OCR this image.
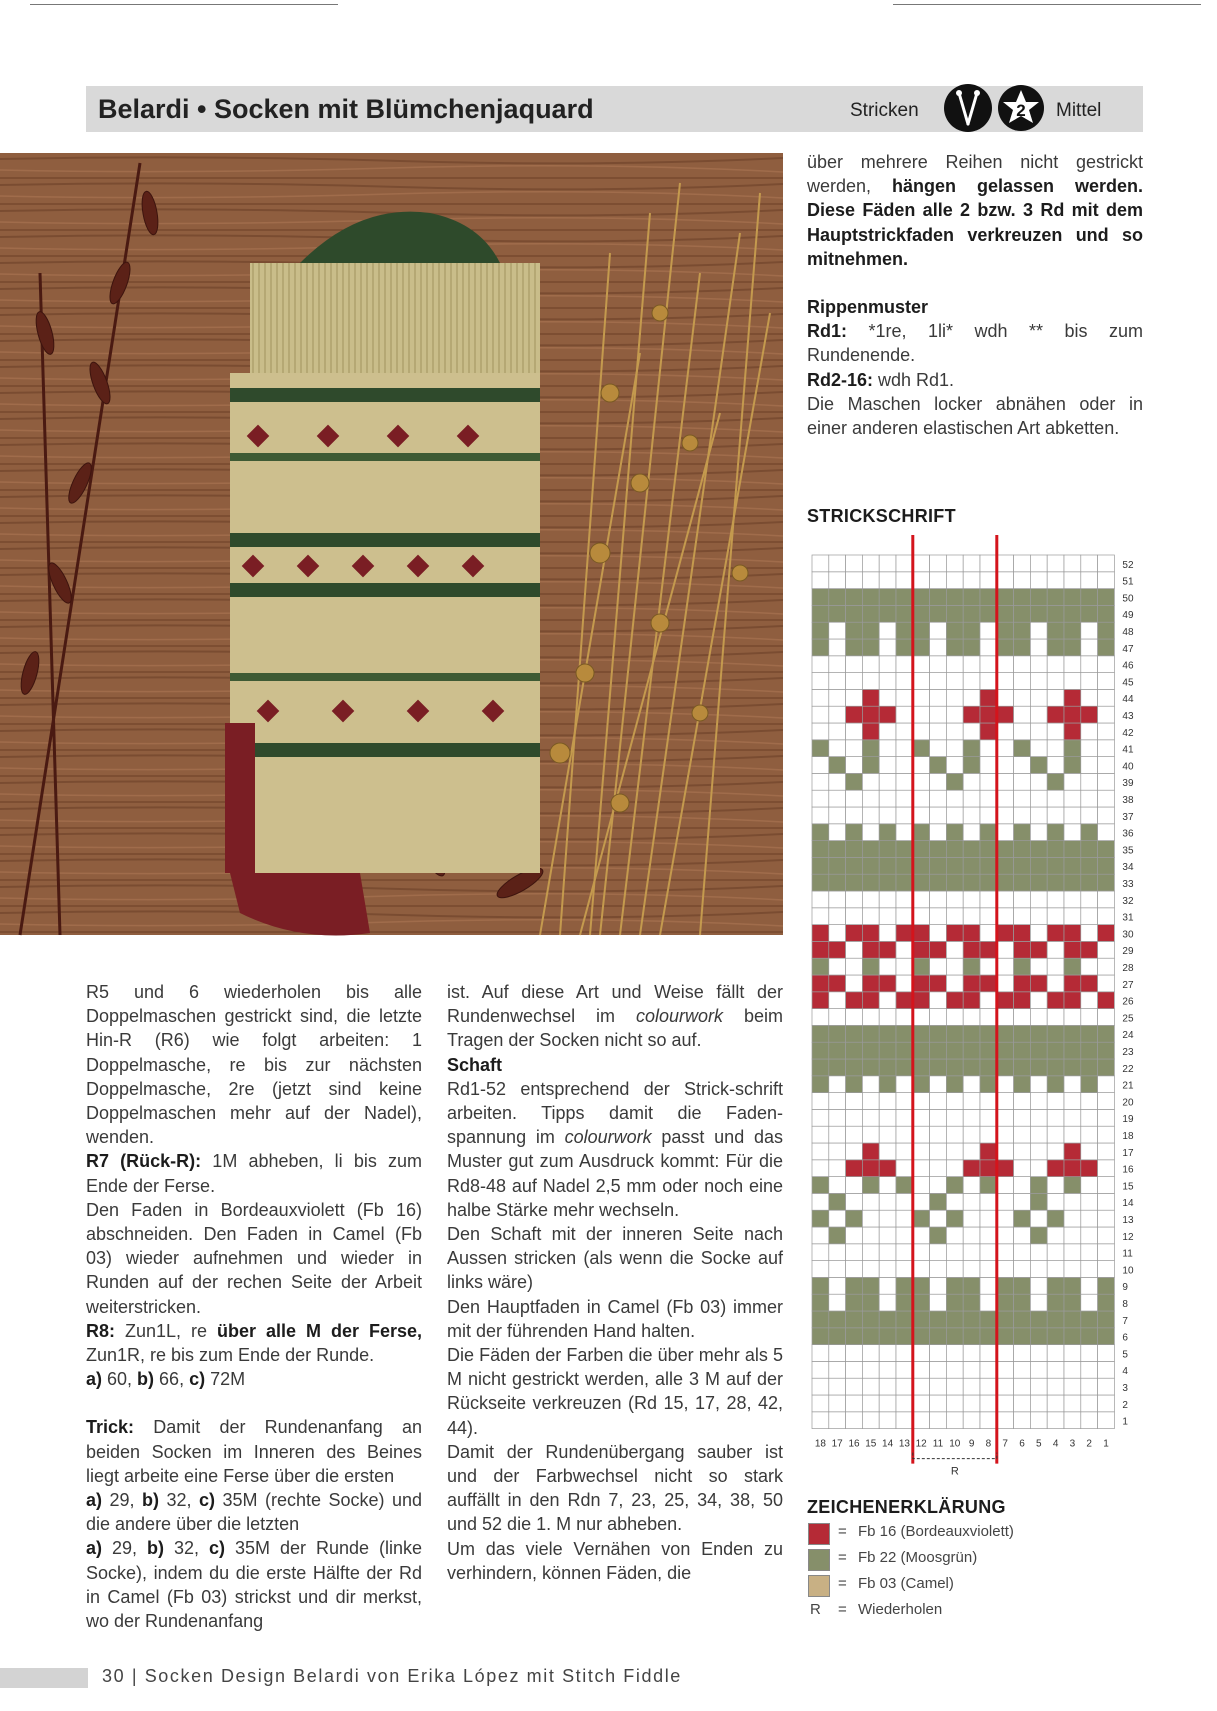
Belardi • Socken mit Blümchenjaquard	Stricken	2 Mittel

R5 und 6 wiederholen bis alle Doppelmaschen gestrickt sind, die letzte Hin-R (R6) wie folgt arbeiten: 1 Doppelmasche, re bis zur nächsten Doppelmasche, 2re (jetzt sind keine Doppelmaschen mehr auf der Nadel), wenden.

R7 (Rück-R): 1M abheben, li bis zum Ende der Ferse.

Den Faden in Bordeauxviolett (Fb 16) abschneiden. Den Faden in Camel (Fb 03) wieder aufnehmen und wieder in Runden auf der rechen Seite der Arbeit weiterstricken.

R8: Zun1L, re über alle M der Ferse, Zun1R, re bis zum Ende der Runde.

a) 60, b) 66, c) 72M

Trick: Damit der Rundenanfang an beiden Socken im Inneren des Beines liegt arbeite eine Ferse über die ersten

a) 29, b) 32, c) 35M (rechte Socke) und die andere über die letzten

a) 29, b) 32, c) 35M der Runde (linke Socke), indem du die erste Hälfte der Rd in Camel (Fb 03) strickst und dir merkst, wo der Rundenanfang

ist. Auf diese Art und Weise fällt der Rundenwechsel im colourwork beim Tragen der Socken nicht so auf.

Schaft

Rd1-52 entsprechend der Strick-schrift arbeiten. Tipps damit die Faden-spannung im colourwork passt und das Muster gut zum Ausdruck kommt: Für die Rd8-48 auf Nadel 2,5 mm oder noch eine halbe Stärke mehr wechseln.

Den Schaft mit der inneren Seite nach Aussen stricken (als wenn die Socke auf links wäre)

Den Hauptfaden in Camel (Fb 03) immer mit der führenden Hand halten.

Die Fäden der Farben die über mehr als 5 M nicht gestrickt werden, alle 3 M auf der Rückseite verkreuzen (Rd 15, 17, 28, 42, 44).

Damit der Rundenübergang sauber ist und der Farbwechsel nicht so stark auffällt in den Rdn 7, 23, 25, 34, 38, 50 und 52 die 1. M nur abheben.

Um das viele Vernähen von Enden zu verhindern, können Fäden, die

über mehrere Reihen nicht gestrickt werden, hängen gelassen werden. Diese Fäden alle 2 bzw. 3 Rd mit dem Hauptstrickfaden verkreuzen und so mitnehmen.

Rippenmuster

Rd1: *1re, 1li* wdh ** bis zum Rundenende.

Rd2-16: wdh Rd1.

Die Maschen locker abnähen oder in einer anderen elastischen Art abketten.

STRICKSCHRIFT
1
2
3
4
5
6
7
8
9
10
11
12
13
14
15
16
17
18
19
20
21
22
23
24
25
26
27
28
29
30
31
32
33
34
35
36
37
38
39
40
41
42
43
44
45
46
47
48
49
50
51
52
18 17 16 15 14 13 12 11 10 9 8 7 6 5 4 3 2 1
R
ZEICHENERKLÄRUNG
= Fb 16 (Bordeauxviolett)
= Fb 22 (Moosgrün)
= Fb 03 (Camel)
R = Wiederholen
30 | Socken Design Belardi von Erika López mit Stitch Fiddle
